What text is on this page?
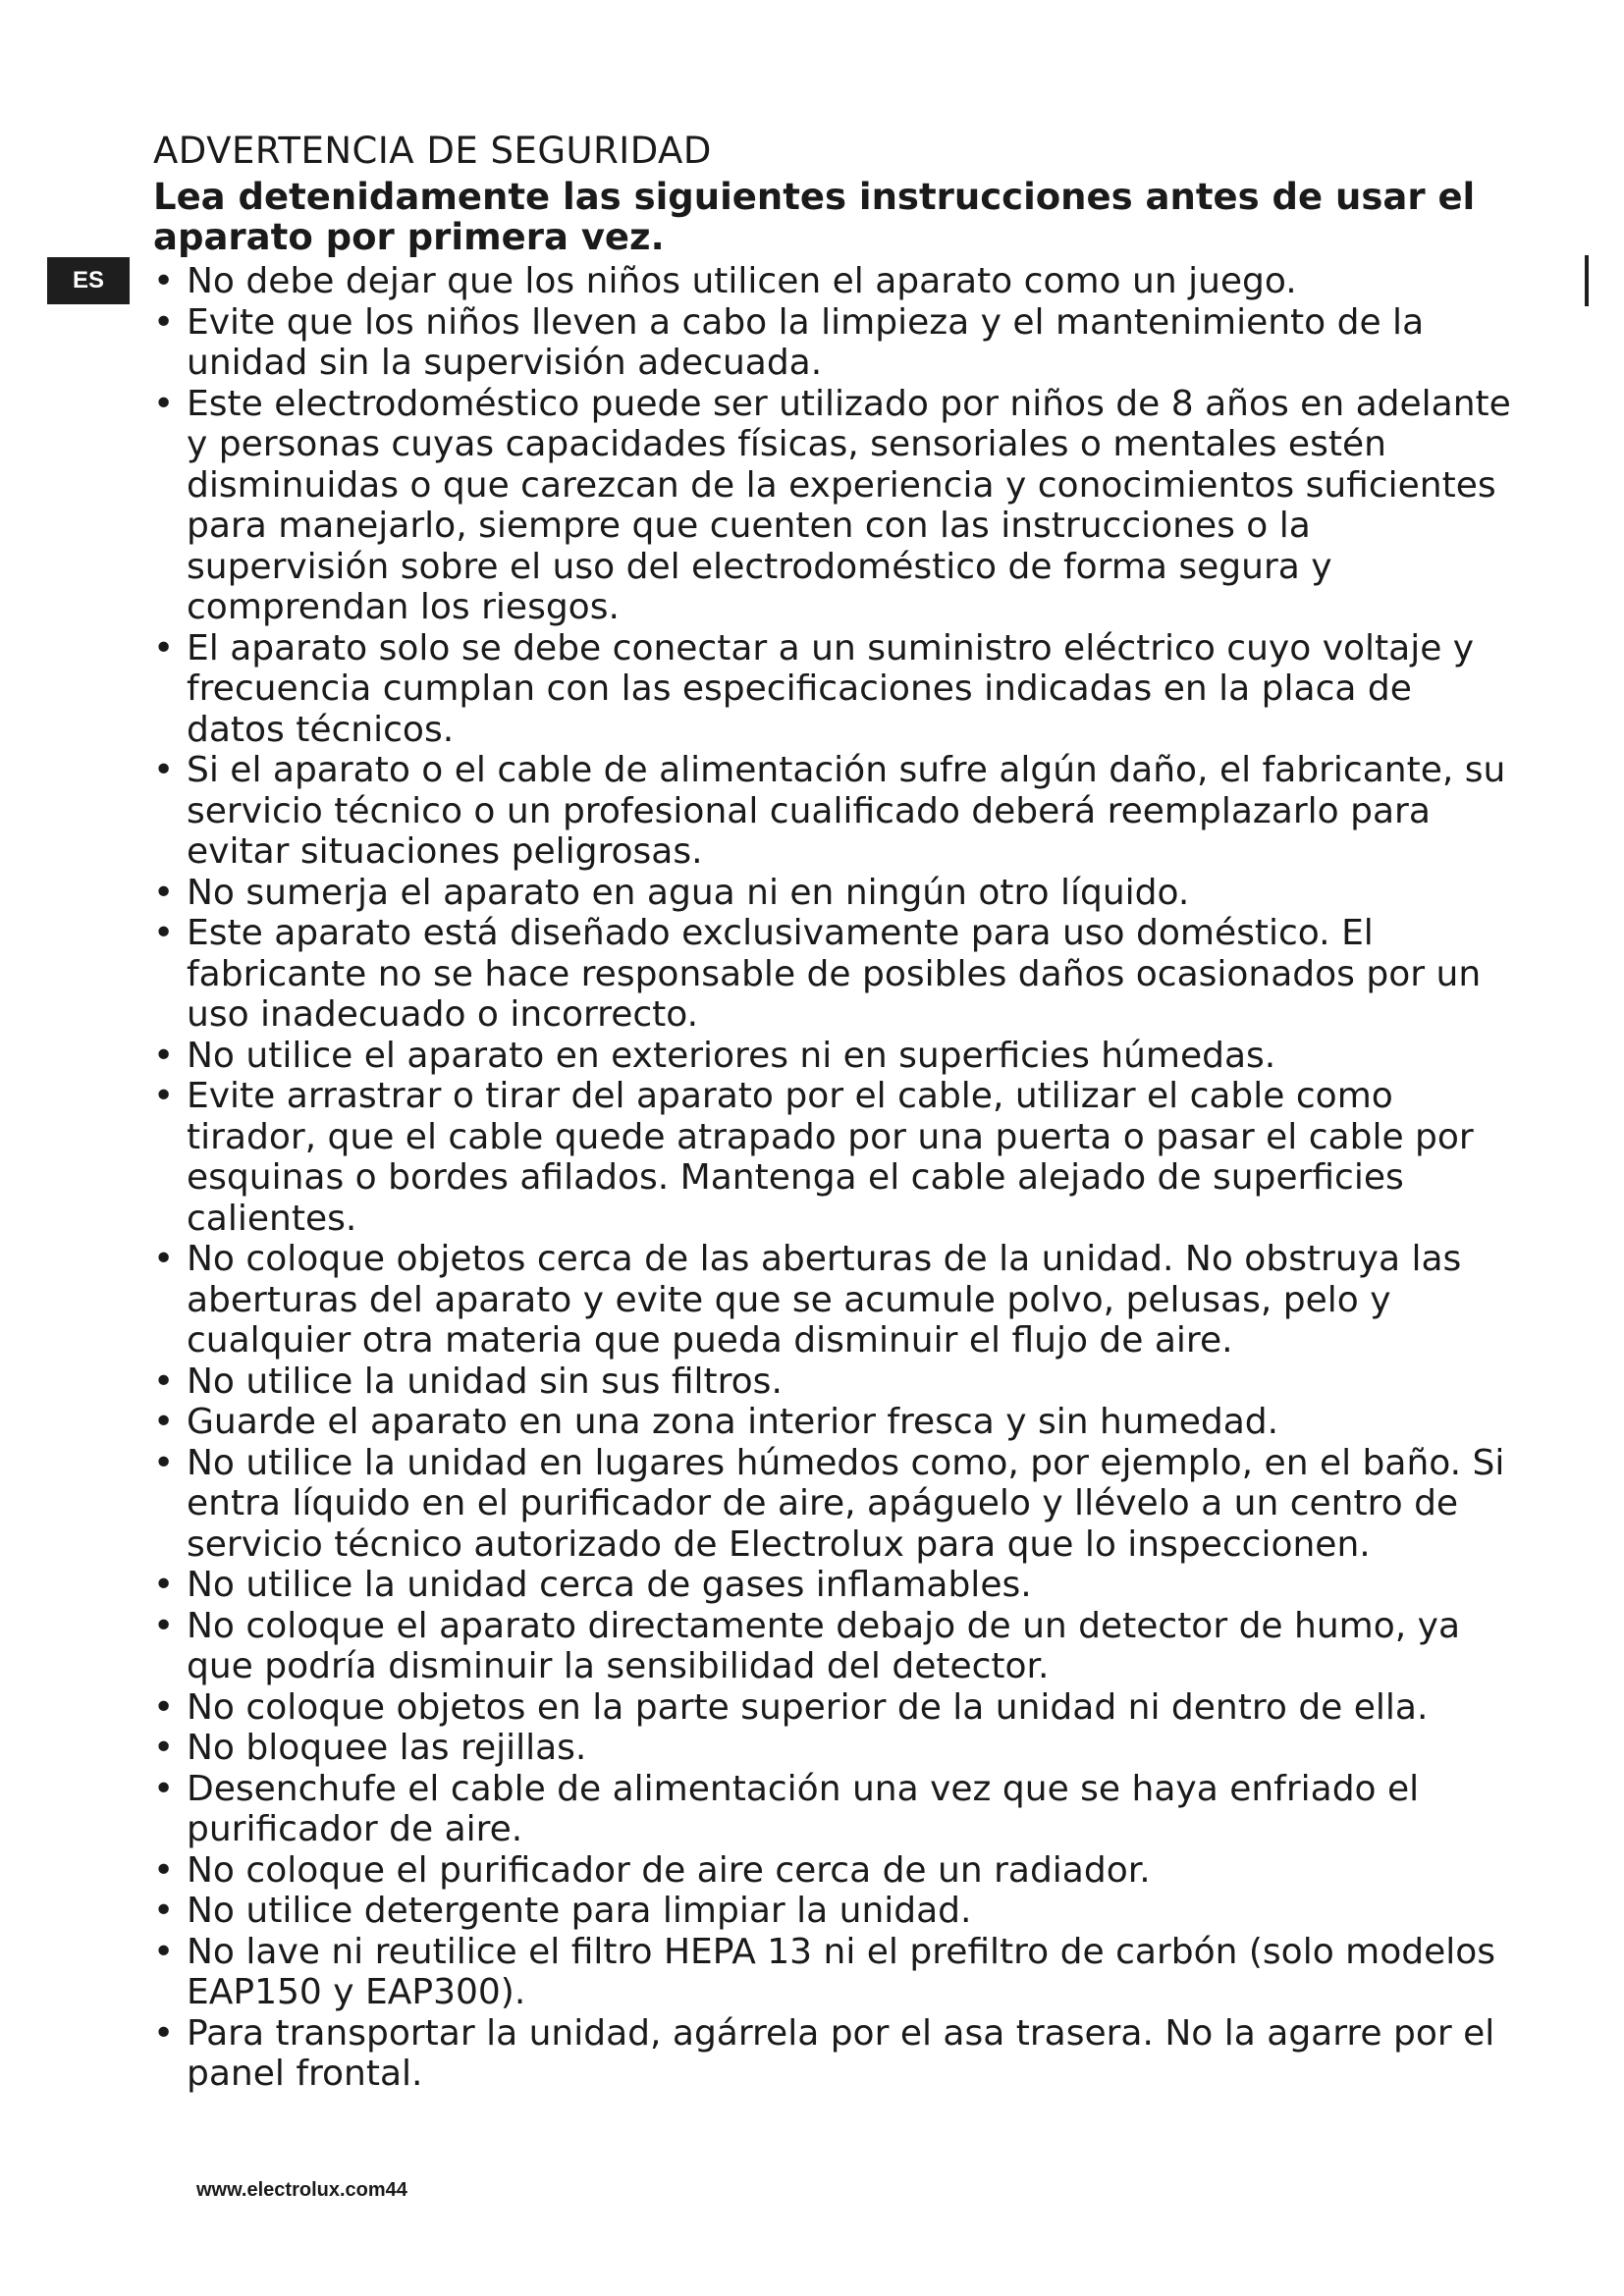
ES
ADVERTENCIA DE SEGURIDAD
Lea detenidamente las siguientes instrucciones antes de usar el aparato por primera vez.
• No debe dejar que los niños utilicen el aparato como un juego.
• Evite que los niños lleven a cabo la limpieza y el mantenimiento de la unidad sin la supervisión adecuada.
• Este electrodoméstico puede ser utilizado por niños de 8 años en adelante y personas cuyas capacidades físicas, sensoriales o mentales estén disminuidas o que carezcan de la experiencia y conocimientos suficientes para manejarlo, siempre que cuenten con las instrucciones o la supervisión sobre el uso del electrodoméstico de forma segura y comprendan los riesgos.
• El aparato solo se debe conectar a un suministro eléctrico cuyo voltaje y frecuencia cumplan con las especificaciones indicadas en la placa de datos técnicos.
• Si el aparato o el cable de alimentación sufre algún daño, el fabricante, su servicio técnico o un profesional cualificado deberá reemplazarlo para evitar situaciones peligrosas.
• No sumerja el aparato en agua ni en ningún otro líquido.
• Este aparato está diseñado exclusivamente para uso doméstico. El fabricante no se hace responsable de posibles daños ocasionados por un uso inadecuado o incorrecto.
• No utilice el aparato en exteriores ni en superficies húmedas.
• Evite arrastrar o tirar del aparato por el cable, utilizar el cable como tirador, que el cable quede atrapado por una puerta o pasar el cable por esquinas o bordes afilados. Mantenga el cable alejado de superficies calientes.
• No coloque objetos cerca de las aberturas de la unidad. No obstruya las aberturas del aparato y evite que se acumule polvo, pelusas, pelo y cualquier otra materia que pueda disminuir el flujo de aire.
• No utilice la unidad sin sus filtros.
• Guarde el aparato en una zona interior fresca y sin humedad.
• No utilice la unidad en lugares húmedos como, por ejemplo, en el baño. Si entra líquido en el purificador de aire, apáguelo y llévelo a un centro de servicio técnico autorizado de Electrolux para que lo inspeccionen.
• No utilice la unidad cerca de gases inflamables.
• No coloque el aparato directamente debajo de un detector de humo, ya que podría disminuir la sensibilidad del detector.
• No coloque objetos en la parte superior de la unidad ni dentro de ella.
• No bloquee las rejillas.
• Desenchufe el cable de alimentación una vez que se haya enfriado el purificador de aire.
• No coloque el purificador de aire cerca de un radiador.
• No utilice detergente para limpiar la unidad.
• No lave ni reutilice el filtro HEPA 13 ni el prefiltro de carbón (solo modelos EAP150 y EAP300).
• Para transportar la unidad, agárrela por el asa trasera. No la agarre por el panel frontal.
www.electrolux.com44
